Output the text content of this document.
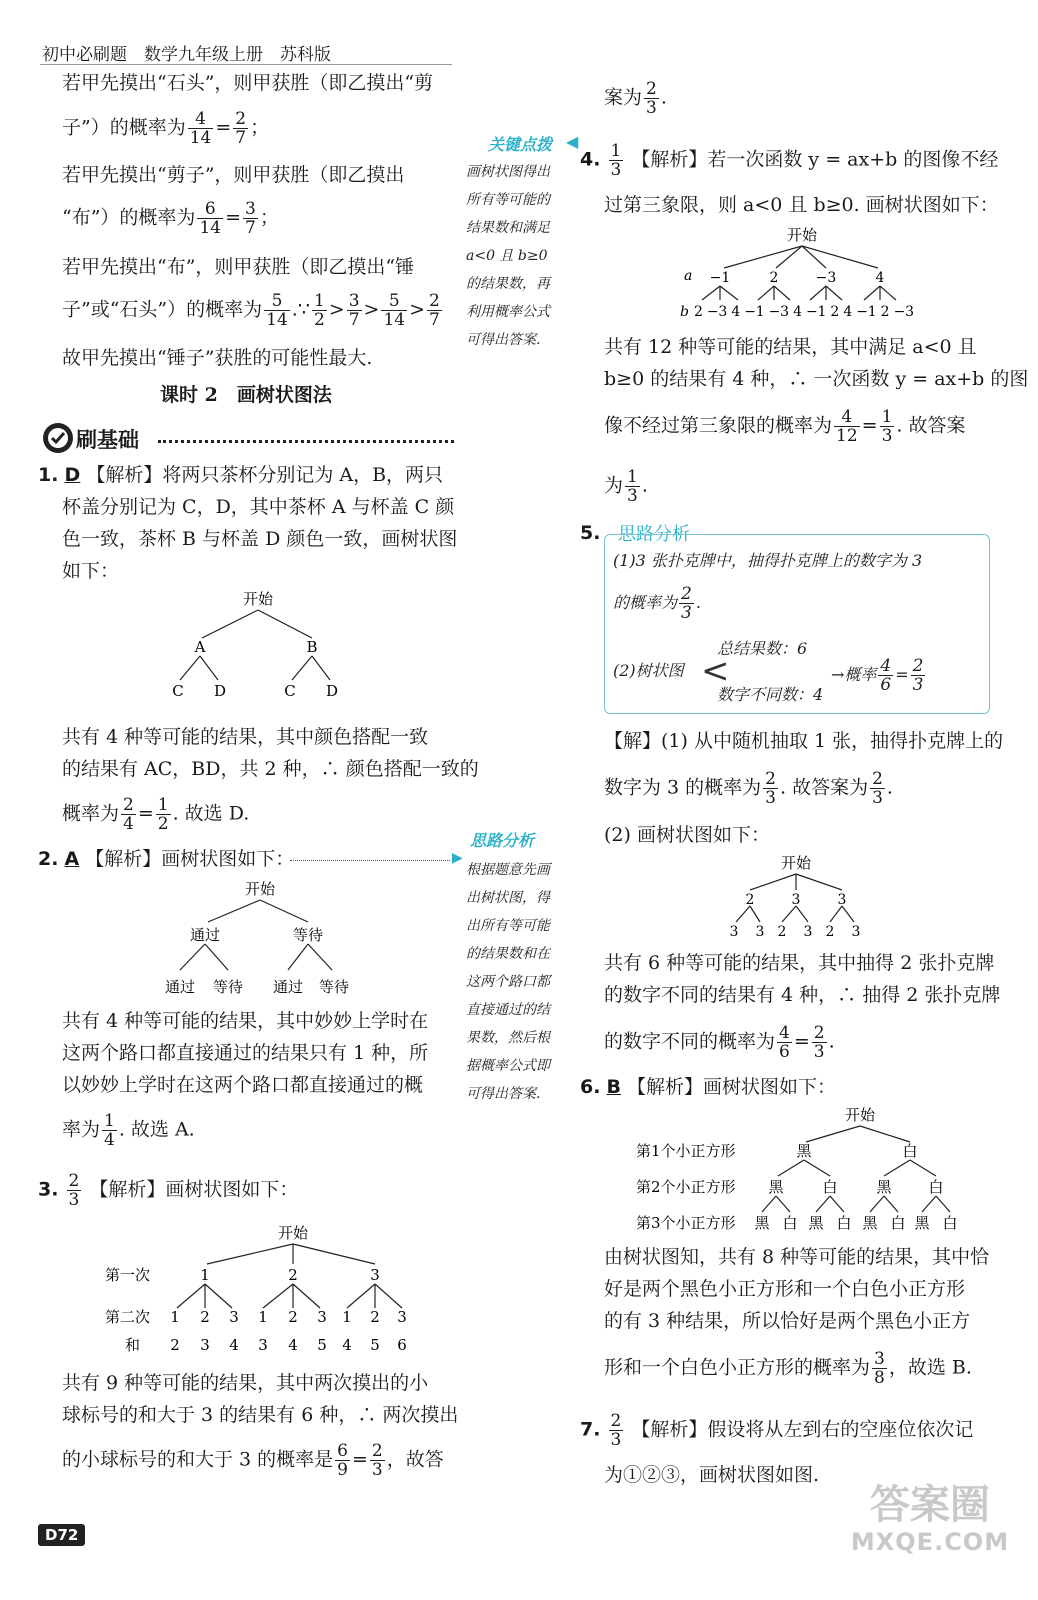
初中必刷题　数学九年级上册　苏科版
若甲先摸出“石头”，则甲获胜（即乙摸出“剪
子”）的概率为 $\frac{4}{14} = \frac{2}{7}$ ；
若甲先摸出“剪子”，则甲获胜（即乙摸出
“布”）的概率为 $\frac{6}{14} = \frac{3}{7}$ ；
若甲先摸出“布”，则甲获胜（即乙摸出“锤
子”或“石头”）的概率为 $\frac{5}{14}$ .∵ $\frac{1}{2} > \frac{3}{7} > \frac{5}{14} > \frac{2}{7}$
故甲先摸出“锤子”获胜的可能性最大.
课时 2　画树状图法
刷基础
1. D 【解析】将两只茶杯分别记为 A，B，两只
杯盖分别记为 C，D，其中茶杯 A 与杯盖 C 颜
色一致，茶杯 B 与杯盖 D 颜色一致，画树状图
如下：
开始
A	B
C D	C D
共有 4 种等可能的结果，其中颜色搭配一致
的结果有 AC，BD，共 2 种，∴ 颜色搭配一致的
概率为 $\frac{2}{4} = \frac{1}{2}$ . 故选 D.
2. A 【解析】画树状图如下：
开始
通过	等待
通过 等待 通过 等待
共有 4 种等可能的结果，其中妙妙上学时在
这两个路口都直接通过的结果只有 1 种，所
以妙妙上学时在这两个路口都直接通过的概
率为 $\frac{1}{4}$ . 故选 A.
3. $\frac{2}{3}$ 【解析】画树状图如下：
开始
第一次
第二次
和
1	2	3
1 2 3 1 2 3 1 2 3
2 3 4 3 4 5 4 5 6
共有 9 种等可能的结果，其中两次摸出的小
球标号的和大于 3 的结果有 6 种，∴ 两次摸出
的小球标号的和大于 3 的概率是 $\frac{6}{9} = \frac{2}{3}$ ，故答
关键点拨 ◀
画树状图得出
所有等可能的
结果数和满足
a<0 且 b≥0
的结果数，再
利用概率公式
可得出答案.
思路分析
▶
根据题意先画
出树状图，得
出所有等可能
的结果数和在
这两个路口都
直接通过的结
果数，然后根
据概率公式即
可得出答案.
案为 $\frac{2}{3}$ .
4. $\frac{1}{3}$ 【解析】若一次函数 y = ax+b 的图像不经
过第三象限，则 a<0 且 b≥0. 画树状图如下：
开始
a −1	2	−3	4
b 2 −3 4 −1 −3 4 −1 2 4 −1 2 −3
共有 12 种等可能的结果，其中满足 a<0 且
b≥0 的结果有 4 种，∴ 一次函数 y = ax+b 的图
像不经过第三象限的概率为 $\frac{4}{12} = \frac{1}{3}$ . 故答案
为 $\frac{1}{3}$ .
5. 思路分析
(1)3 张扑克牌中，抽得扑克牌上的数字为 3
的概率为 $\frac{2}{3}$ .
(2)树状图 <
总结果数：6
数字不同数：4
→概率 $\frac{4}{6} = \frac{2}{3}$
【解】(1) 从中随机抽取 1 张，抽得扑克牌上的
数字为 3 的概率为 $\frac{2}{3}$ . 故答案为 $\frac{2}{3}$ .
(2) 画树状图如下：
开始
2	3	3
3 3 2 3 2 3
共有 6 种等可能的结果，其中抽得 2 张扑克牌
的数字不同的结果有 4 种，∴ 抽得 2 张扑克牌
的数字不同的概率为 $\frac{4}{6} = \frac{2}{3}$ .
6. B 【解析】画树状图如下：
开始
第1个小正方形
第2个小正方形
第3个小正方形
黑	白
黑	白	黑 白
黑 白 黑 白 黑 白 黑 白
由树状图知，共有 8 种等可能的结果，其中恰
好是两个黑色小正方形和一个白色小正方形
的有 3 种结果，所以恰好是两个黑色小正方
形和一个白色小正方形的概率为 $\frac{3}{8}$ ，故选 B.
7. $\frac{2}{3}$ 【解析】假设将从左到右的空座位依次记
为①②③，画树状图如图.
D72
答案圈
MXQE.COM
